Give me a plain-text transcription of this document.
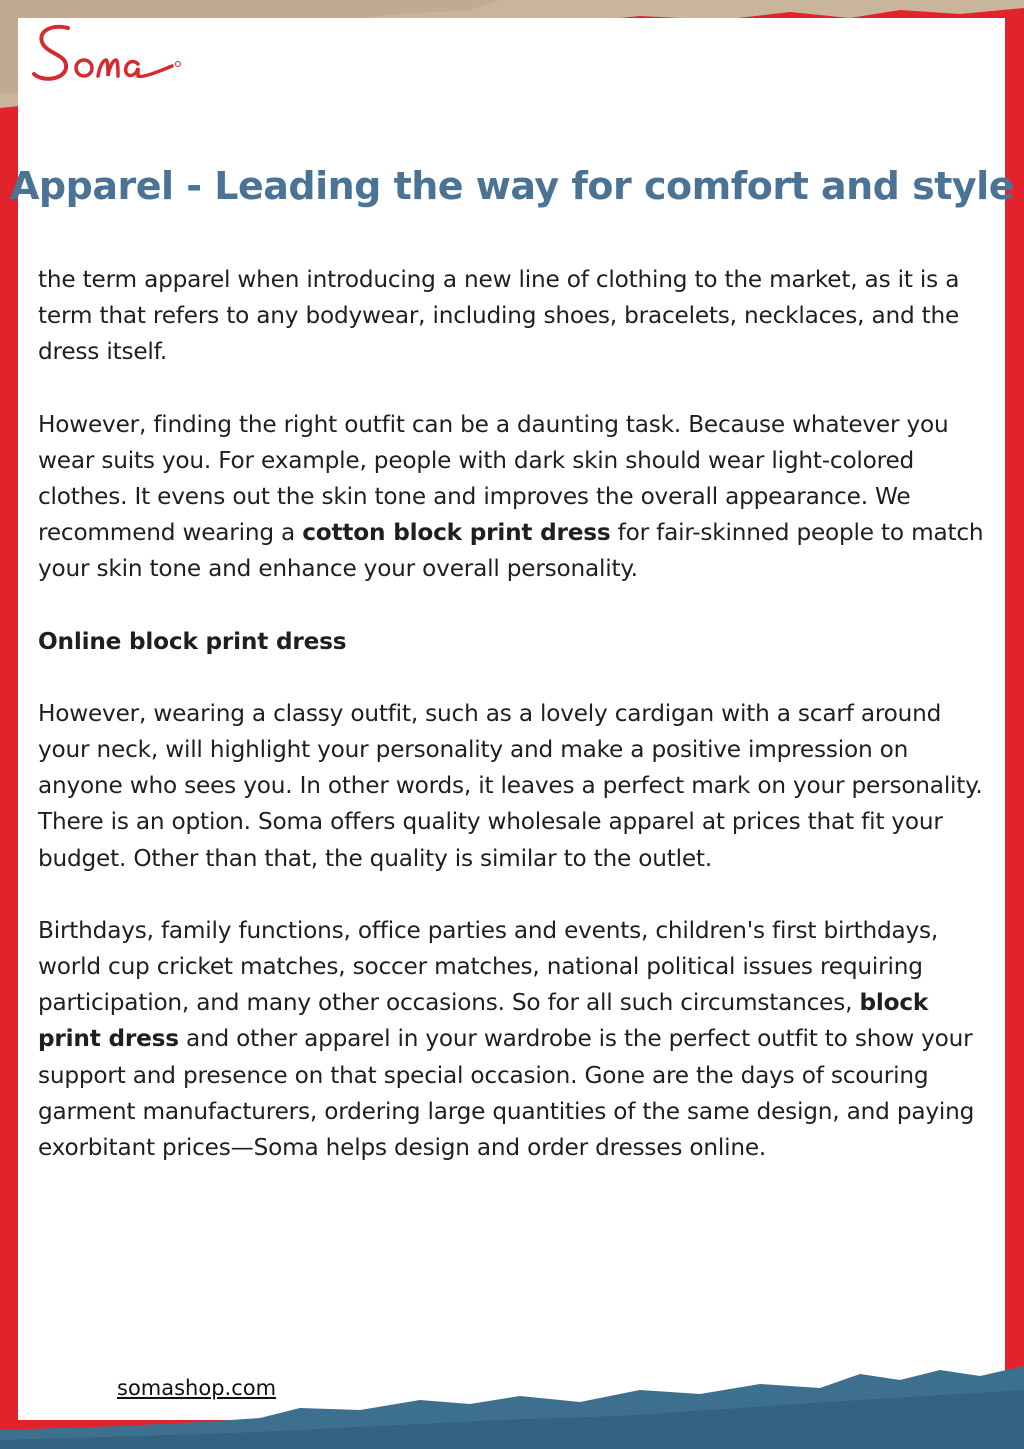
Apparel - Leading the way for comfort and style

the term apparel when introducing a new line of clothing to the market, as it is a term that refers to any bodywear, including shoes, bracelets, necklaces, and the dress itself.

However, finding the right outfit can be a daunting task. Because whatever you wear suits you. For example, people with dark skin should wear light-colored clothes. It evens out the skin tone and improves the overall appearance. We recommend wearing a cotton block print dress for fair-skinned people to match your skin tone and enhance your overall personality.

Online block print dress

However, wearing a classy outfit, such as a lovely cardigan with a scarf around your neck, will highlight your personality and make a positive impression on anyone who sees you. In other words, it leaves a perfect mark on your personality. There is an option. Soma offers quality wholesale apparel at prices that fit your budget. Other than that, the quality is similar to the outlet.

Birthdays, family functions, office parties and events, children's first birthdays, world cup cricket matches, soccer matches, national political issues requiring participation, and many other occasions. So for all such circumstances, block print dress and other apparel in your wardrobe is the perfect outfit to show your support and presence on that special occasion. Gone are the days of scouring garment manufacturers, ordering large quantities of the same design, and paying exorbitant prices—Soma helps design and order dresses online.

somashop.com
